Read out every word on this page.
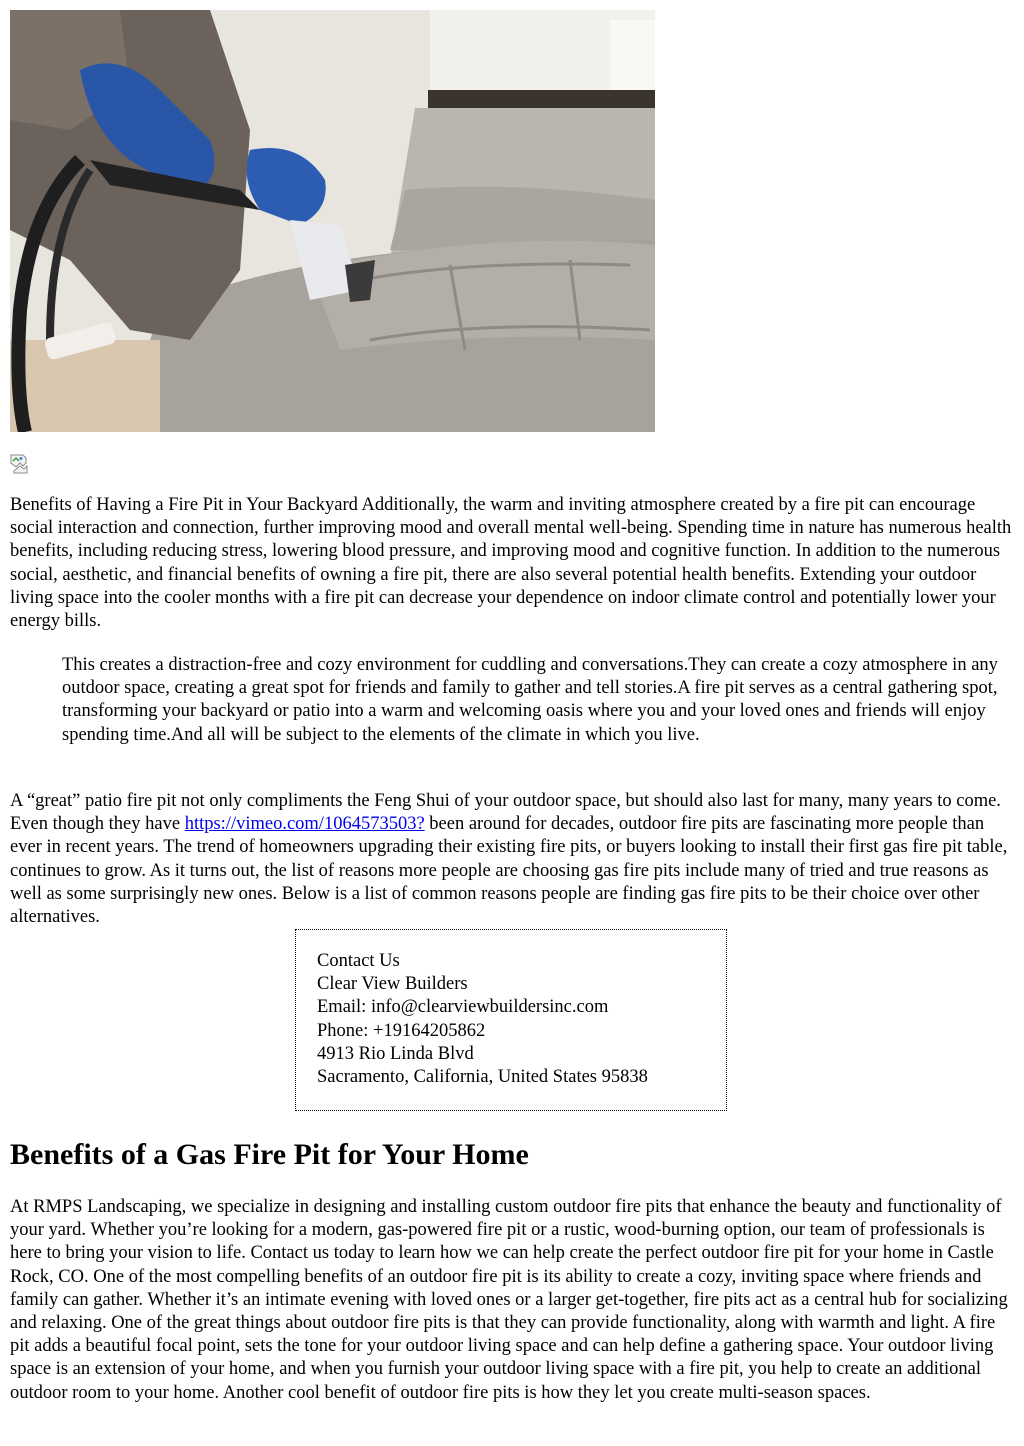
Benefits of Having a Fire Pit in Your Backyard Additionally, the warm and inviting atmosphere created by a fire pit can encourage social interaction and connection, further improving mood and overall mental well-being. Spending time in nature has numerous health benefits, including reducing stress, lowering blood pressure, and improving mood and cognitive function. In addition to the numerous social, aesthetic, and financial benefits of owning a fire pit, there are also several potential health benefits. Extending your outdoor living space into the cooler months with a fire pit can decrease your dependence on indoor climate control and potentially lower your energy bills.

This creates a distraction-free and cozy environment for cuddling and conversations.They can create a cozy atmosphere in any outdoor space, creating a great spot for friends and family to gather and tell stories.A fire pit serves as a central gathering spot, transforming your backyard or patio into a warm and welcoming oasis where you and your loved ones and friends will enjoy spending time.And all will be subject to the elements of the climate in which you live.

A “great” patio fire pit not only compliments the Feng Shui of your outdoor space, but should also last for many, many years to come. Even though they have https://vimeo.com/1064573503? been around for decades, outdoor fire pits are fascinating more people than ever in recent years. The trend of homeowners upgrading their existing fire pits, or buyers looking to install their first gas fire pit table, continues to grow. As it turns out, the list of reasons more people are choosing gas fire pits include many of tried and true reasons as well as some surprisingly new ones. Below is a list of common reasons people are finding gas fire pits to be their choice over other alternatives.

Contact Us
Clear View Builders
Email: info@clearviewbuildersinc.com
Phone: +19164205862
4913 Rio Linda Blvd
Sacramento, California, United States 95838
Benefits of a Gas Fire Pit for Your Home

At RMPS Landscaping, we specialize in designing and installing custom outdoor fire pits that enhance the beauty and functionality of your yard. Whether you’re looking for a modern, gas-powered fire pit or a rustic, wood-burning option, our team of professionals is here to bring your vision to life. Contact us today to learn how we can help create the perfect outdoor fire pit for your home in Castle Rock, CO. One of the most compelling benefits of an outdoor fire pit is its ability to create a cozy, inviting space where friends and family can gather. Whether it’s an intimate evening with loved ones or a larger get-together, fire pits act as a central hub for socializing and relaxing. One of the great things about outdoor fire pits is that they can provide functionality, along with warmth and light. A fire pit adds a beautiful focal point, sets the tone for your outdoor living space and can help define a gathering space. Your outdoor living space is an extension of your home, and when you furnish your outdoor living space with a fire pit, you help to create an additional outdoor room to your home. Another cool benefit of outdoor fire pits is how they let you create multi-season spaces.
